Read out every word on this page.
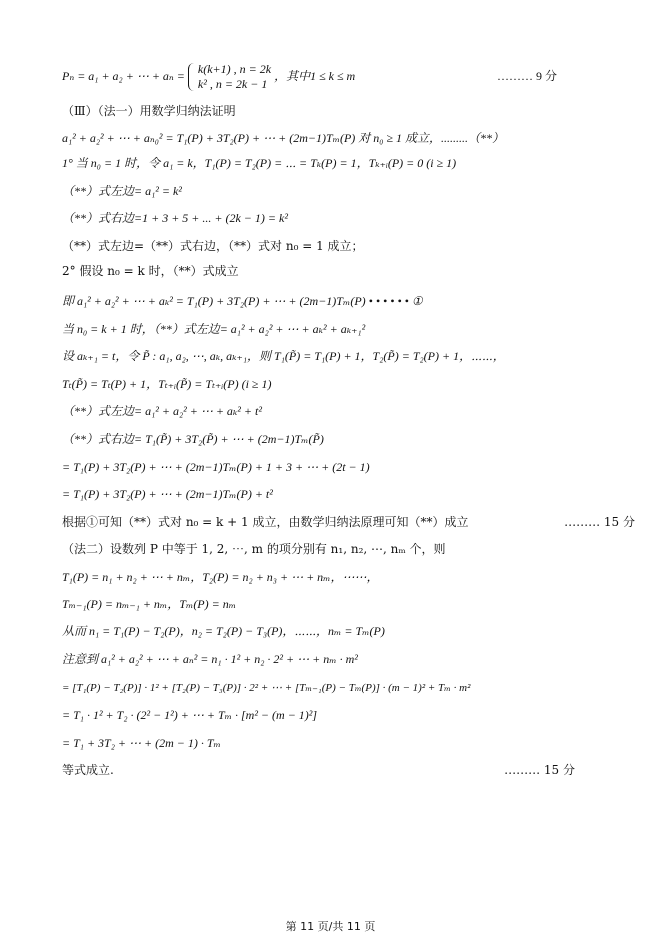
Pₙ = a₁ + a₂ + ⋯ + aₙ = k(k+1) , n = 2k
k² , n = 2k − 1
，其中1 ≤ k ≤ m	……… 9 分
（Ⅲ）（法一）用数学归纳法证明
a₁² + a₂² + ⋯ + aₙ₀² = T₁(P) + 3T₂(P) + ⋯ + (2m−1)Tₘ(P) 对 n₀ ≥ 1 成立，.........（**）
1° 当 n₀ = 1 时，令 a₁ = k，T₁(P) = T₂(P) = ⋯ = Tₖ(P) = 1，Tₖ₊ᵢ(P) = 0 (i ≥ 1)
（**）式左边= a₁² = k²
（**）式右边=1 + 3 + 5 + ... + (2k − 1) = k²
（**）式左边=（**）式右边，（**）式对 n₀ = 1 成立；
2° 假设 n₀ = k 时，（**）式成立
即 a₁² + a₂² + ⋯ + aₖ² = T₁(P) + 3T₂(P) + ⋯ + (2m−1)Tₘ(P) • • • • • • ①
当 n₀ = k + 1 时，（**）式左边= a₁² + a₂² + ⋯ + aₖ² + aₖ₊₁²
设 aₖ₊₁ = t，令 P̃ : a₁, a₂, ⋯, aₖ, aₖ₊₁，则 T₁(P̃) = T₁(P) + 1，T₂(P̃) = T₂(P) + 1，⋯⋯，
Tₜ(P̃) = Tₜ(P) + 1，Tₜ₊ᵢ(P̃) = Tₜ₊ᵢ(P) (i ≥ 1)
（**）式左边= a₁² + a₂² + ⋯ + aₖ² + t²
（**）式右边= T₁(P̃) + 3T₂(P̃) + ⋯ + (2m−1)Tₘ(P̃)
= T₁(P) + 3T₂(P) + ⋯ + (2m−1)Tₘ(P) + 1 + 3 + ⋯ + (2t − 1)
= T₁(P) + 3T₂(P) + ⋯ + (2m−1)Tₘ(P) + t²
根据①可知（**）式对 n₀ = k + 1 成立，由数学归纳法原理可知（**）成立	……… 15 分
（法二）设数列 P 中等于 1, 2, ⋯, m 的项分别有 n₁, n₂, ⋯, nₘ 个，则
T₁(P) = n₁ + n₂ + ⋯ + nₘ，T₂(P) = n₂ + n₃ + ⋯ + nₘ，⋯⋯，
Tₘ₋₁(P) = nₘ₋₁ + nₘ，Tₘ(P) = nₘ
从而 n₁ = T₁(P) − T₂(P)，n₂ = T₂(P) − T₃(P)，⋯⋯，nₘ = Tₘ(P)
注意到 a₁² + a₂² + ⋯ + aₙ² = n₁ · 1² + n₂ · 2² + ⋯ + nₘ · m²
= [T₁(P) − T₂(P)] · 1² + [T₂(P) − T₃(P)] · 2² + ⋯ + [Tₘ₋₁(P) − Tₘ(P)] · (m − 1)² + Tₘ · m²
= T₁ · 1² + T₂ · (2² − 1²) + ⋯ + Tₘ · [m² − (m − 1)²]
= T₁ + 3T₂ + ⋯ + (2m − 1) · Tₘ
等式成立.	……… 15 分
第 11 页/共 11 页
